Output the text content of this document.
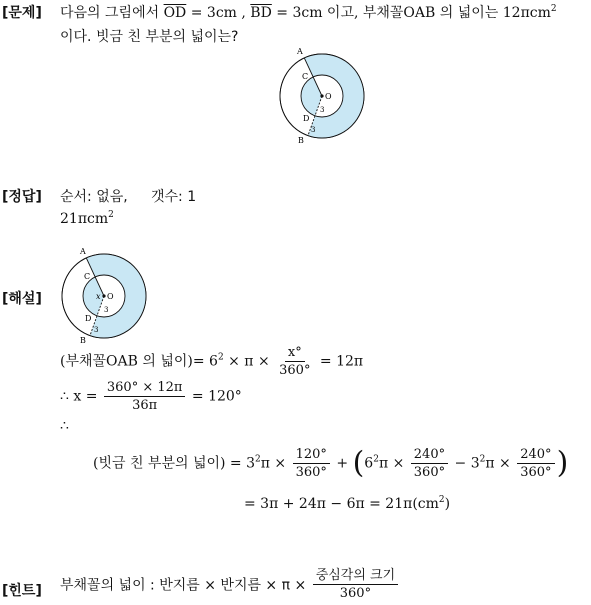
[문제] 다음의 그림에서 $\overline{OD} = 3cm$ , $\overline{BD} = 3cm$ 이고, 부채꼴OAB 의 넓이는 12πcm$^2$
이다. 빗금 친 부분의 넓이는?
A
B
C
D
O
3
3
[정답] 순서: 없음, 갯수: 1
21πcm$^2$
[해설]
A
B
C
D
O
x
3
3
(부채꼴OAB 의 넓이)= $6^2 \times \pi \times \frac{x^\circ}{360^\circ} = 12\pi$
∴ $x = \frac{360^\circ \times 12\pi}{36\pi} = 120^\circ$
∴
(빗금 친 부분의 넓이) = $3^2\pi \times \frac{120^\circ}{360^\circ} + (6^2\pi \times \frac{240^\circ}{360^\circ} - 3^2\pi \times \frac{240^\circ}{360^\circ}$ )
= $3\pi + 24\pi - 6\pi = 21\pi(cm^2)$
[힌트] 부채꼴의 넓이 : 반지름 × 반지름 × $\pi \times \frac{\text{중심각의 크기}}{360^\circ}$
